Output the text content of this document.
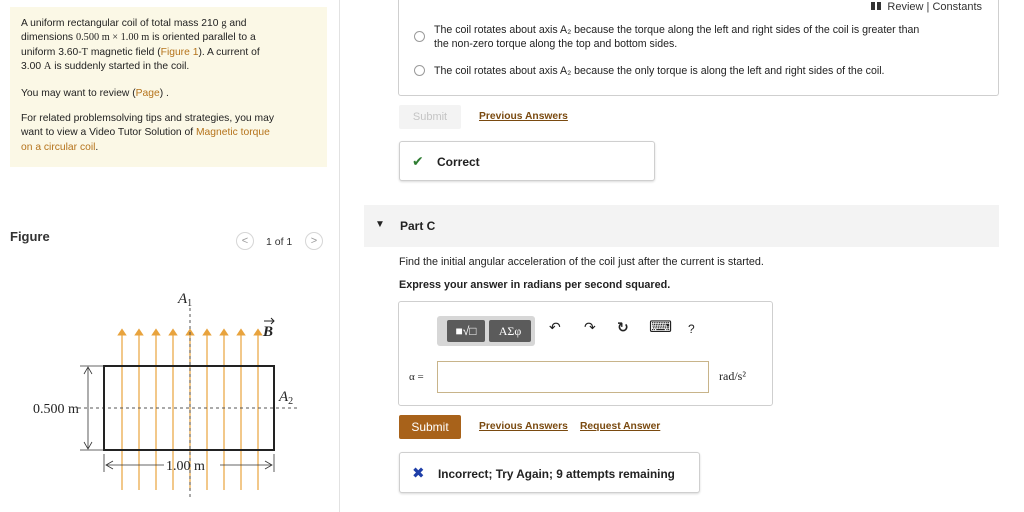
A uniform rectangular coil of total mass 210 g and
dimensions 0.500 m × 1.00 m is oriented parallel to a
uniform 3.60-T magnetic field (Figure 1). A current of
3.00 A is suddenly started in the coil.

You may want to review (Page) .

For related problemsolving tips and strategies, you may
want to view a Video Tutor Solution of Magnetic torque
on a circular coil.

Figure	<	1 of 1	>
$A_1$
$A_2$
B
0.500 m
1.00 m
Review | Constants
The coil rotates about axis A₂ because the torque along the left and right sides of the coil is greater than
the non-zero torque along the top and bottom sides.
The coil rotates about axis A₂ because the only torque is along the left and right sides of the coil.
Submit	Previous Answers
✔ Correct
▼ Part C
Find the initial angular acceleration of the coil just after the current is started.
Express your answer in radians per second squared.
■√□	ΑΣφ	↶ ↷ ↻ ⌨ ?
α =	rad/s²
Submit	Previous Answers Request Answer
✖ Incorrect; Try Again; 9 attempts remaining
